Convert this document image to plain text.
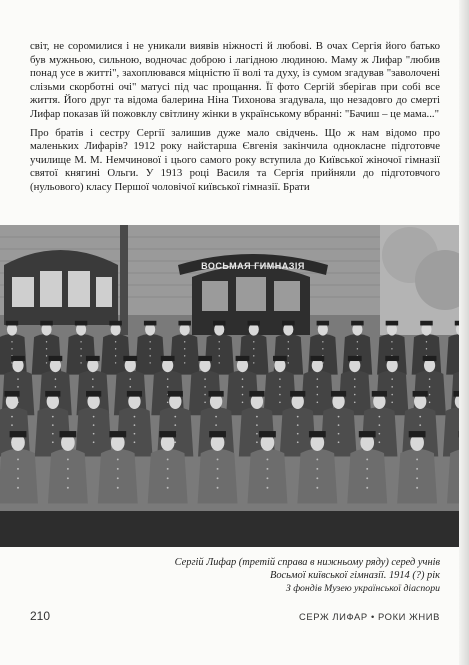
світ, не соромилися і не уникали виявів ніжності й любові. В очах Сергія його батько був мужньою, сильною, водночас доброю і лагідною людиною. Маму ж Лифар "любив понад усе в житті", захоплювався міцністю її волі та духу, із сумом згадував "заволочені слізьми скорботні очі" матусі під час прощання. Її фото Сергій зберігав при собі все життя. Його друг та відома балерина Ніна Тихонова згадувала, що незадовго до смерті Лифар показав їй пожовклу світлину жінки в українському вбранні: "Бачиш – це мама..."

Про братів і сестру Сергії залишив дуже мало свідчень. Що ж нам відомо про маленьких Лифарів? 1912 року найстарша Євгенія закінчила однокласне підготовче училище М. М. Немчинової і цього самого року вступила до Київської жіночої гімназії святої княгині Ольги. У 1913 році Василя та Сергія прийняли до підготовчого (нульового) класу Першої чоловічої київської гімназії. Брати

ВОСЬМАЯ ГИМНАЗІЯ
Сергій Лифар (третій справа в нижньому ряду) серед учнів
Восьмої київської гімназії. 1914 (?) рік
З фондів Музею української діаспори
210	СЕРЖ ЛИФАР • РОКИ ЖНИВ
